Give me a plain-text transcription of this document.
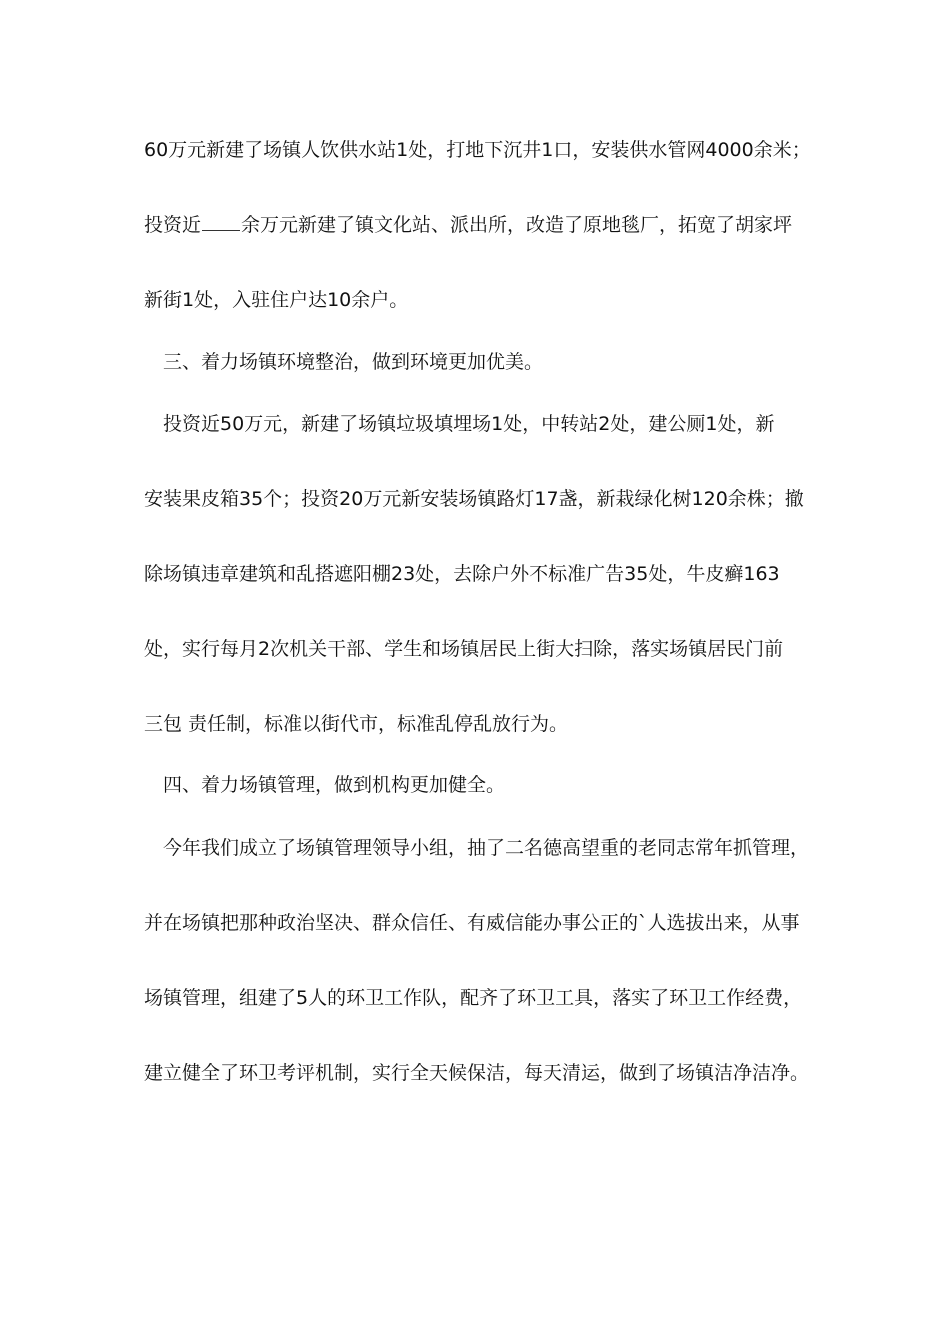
60万元新建了场镇人饮供水站1处，打地下沉井1口，安装供水管网4000余米；
投资近 余万元新建了镇文化站、派出所，改造了原地毯厂，拓宽了胡家坪
新街1处，入驻住户达10余户。
三、着力场镇环境整治，做到环境更加优美。
投资近50万元，新建了场镇垃圾填埋场1处，中转站2处，建公厕1处，新
安装果皮箱35个；投资20万元新安装场镇路灯17盏，新栽绿化树120余株；撤
除场镇违章建筑和乱搭遮阳棚23处，去除户外不标准广告35处，牛皮癣163
处，实行每月2次机关干部、学生和场镇居民上街大扫除，落实场镇居民门前
三包 责任制，标准以街代市，标准乱停乱放行为。
四、着力场镇管理，做到机构更加健全。
今年我们成立了场镇管理领导小组，抽了二名德高望重的老同志常年抓管理，
并在场镇把那种政治坚决、群众信任、有威信能办事公正的`人选拔出来，从事
场镇管理，组建了5人的环卫工作队，配齐了环卫工具，落实了环卫工作经费，
建立健全了环卫考评机制，实行全天候保洁，每天清运，做到了场镇洁净洁净。
